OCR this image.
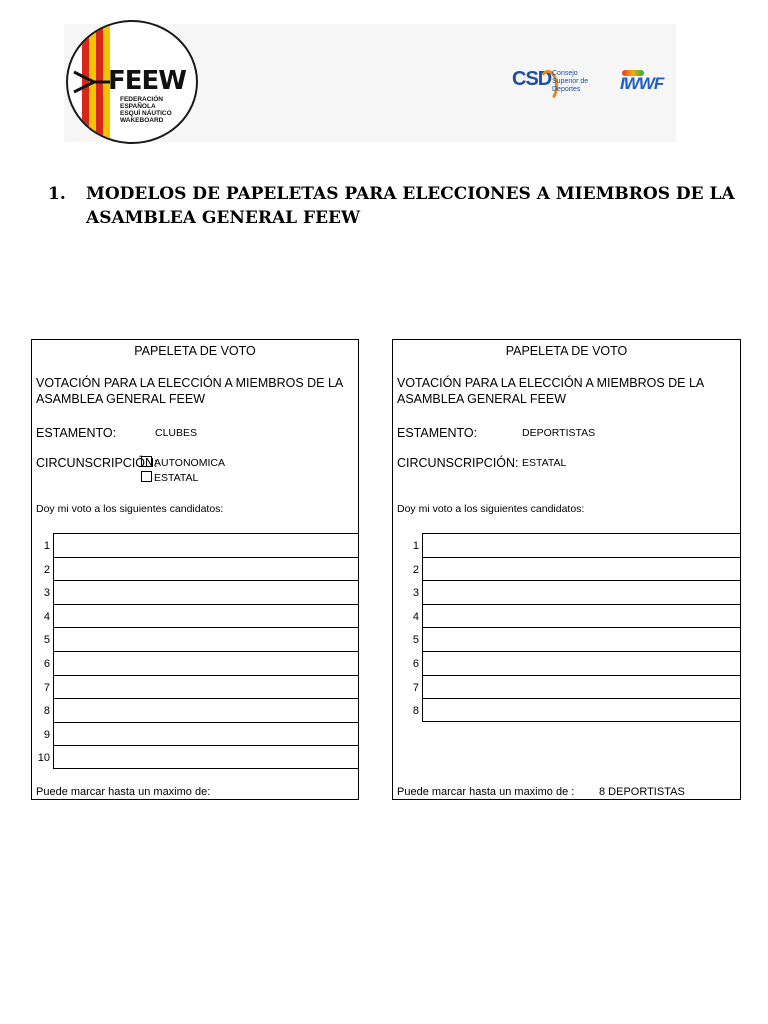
FEEW
FEDERACIÓN ESPAÑOLA
ESQUÍ NÁUTICO
WAKEBOARD
CSD Consejo
Superior de
Deportes	IWWF
1. MODELOS DE PAPELETAS PARA ELECCIONES A MIEMBROS DE LA ASAMBLEA GENERAL FEEW
PAPELETA DE VOTO
VOTACIÓN PARA LA ELECCIÓN A MIEMBROS DE LA
ASAMBLEA GENERAL FEEW
ESTAMENTO:	CLUBES
CIRCUNSCRIPCIÓN:
AUTONOMICA
ESTATAL
Doy mi voto a los siguientes candidatos:
1
2
3
4
5
6
7
8
9
10
Puede marcar hasta un maximo de:
PAPELETA DE VOTO
VOTACIÓN PARA LA ELECCIÓN A MIEMBROS DE LA
ASAMBLEA GENERAL FEEW
ESTAMENTO:	DEPORTISTAS
CIRCUNSCRIPCIÓN: ESTATAL
Doy mi voto a los siguientes candidatos:
1
2
3
4
5
6
7
8
Puede marcar hasta un maximo de : 8 DEPORTISTAS
